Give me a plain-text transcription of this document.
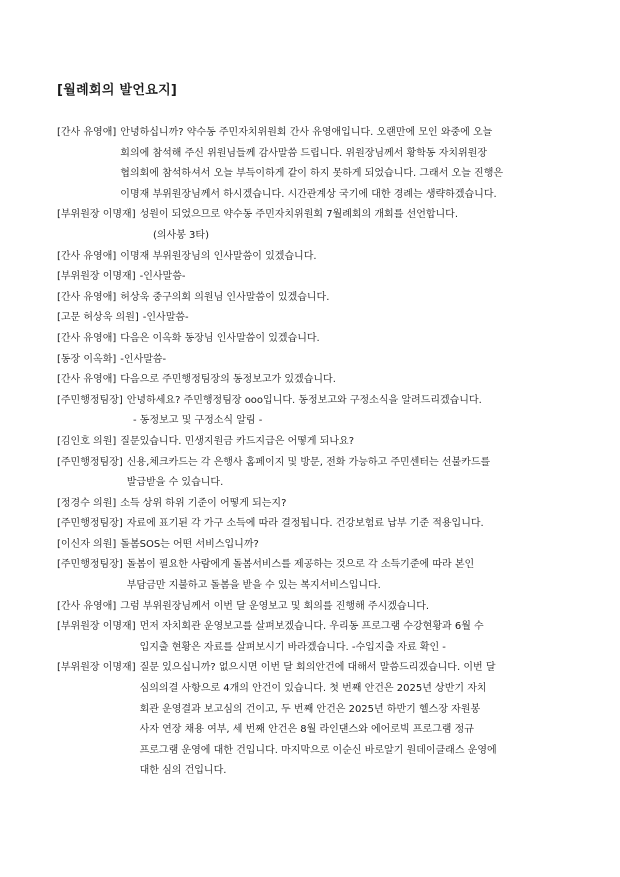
[월례회의 발언요지]
[간사 유영애] 안녕하십니까? 약수동 주민자치위원회 간사 유영애입니다. 오랜만에 모인 와중에 오늘
회의에 참석해 주신 위원님들께 감사말씀 드립니다. 위원장님께서 황학동 자치위원장
협의회에 참석하셔서 오늘 부득이하게 같이 하지 못하게 되었습니다. 그래서 오늘 진행은
이명재 부위원장님께서 하시겠습니다. 시간관계상 국기에 대한 경례는 생략하겠습니다.
[부위원장 이명재] 성원이 되었으므로 약수동 주민자치위원회 7월례회의 개회를 선언합니다.
(의사봉 3타)
[간사 유영애] 이명재 부위원장님의 인사말씀이 있겠습니다.
[부위원장 이명재] -인사말씀-
[간사 유영애] 허상욱 중구의회 의원님 인사말씀이 있겠습니다.
[고문 허상욱 의원] -인사말씀-
[간사 유영애] 다음은 이옥화 동장님 인사말씀이 있겠습니다.
[동장 이옥화] -인사말씀-
[간사 유영애] 다음으로 주민행정팀장의 동정보고가 있겠습니다.
[주민행정팀장] 안녕하세요? 주민행정팀장 ooo입니다. 동정보고와 구정소식을 알려드리겠습니다.
- 동정보고 및 구정소식 알림 -
[김인호 의원] 질문있습니다. 민생지원금 카드지급은 어떻게 되나요?
[주민행정팀장] 신용,체크카드는 각 은행사 홈페이지 및 방문, 전화 가능하고 주민센터는 선불카드를
발급받을 수 있습니다.
[정경수 의원] 소득 상위 하위 기준이 어떻게 되는지?
[주민행정팀장] 자료에 표기된 각 가구 소득에 따라 결정됩니다. 건강보험료 납부 기준 적용입니다.
[이신자 의원] 돌봄SOS는 어떤 서비스입니까?
[주민행정팀장] 돌봄이 필요한 사람에게 돌봄서비스를 제공하는 것으로 각 소득기준에 따라 본인
부담금만 지불하고 돌봄을 받을 수 있는 복지서비스입니다.
[간사 유영애] 그럼 부위원장님께서 이번 달 운영보고 및 회의를 진행해 주시겠습니다.
[부위원장 이명재] 먼저 자치회관 운영보고를 살펴보겠습니다. 우리동 프로그램 수강현황과 6월 수
입지출 현황은 자료를 살펴보시기 바라겠습니다. -수입지출 자료 확인 -
[부위원장 이명재] 질문 있으십니까? 없으시면 이번 달 회의안건에 대해서 말씀드리겠습니다. 이번 달
심의의결 사항으로 4개의 안건이 있습니다. 첫 번째 안건은 2025년 상반기 자치
회관 운영결과 보고심의 건이고, 두 번째 안건은 2025년 하반기 헬스장 자원봉
사자 연장 채용 여부, 세 번째 안건은 8월 라인댄스와 에어로빅 프로그램 정규
프로그램 운영에 대한 건입니다. 마지막으로 이순신 바로알기 원데이클래스 운영에
대한 심의 건입니다.
